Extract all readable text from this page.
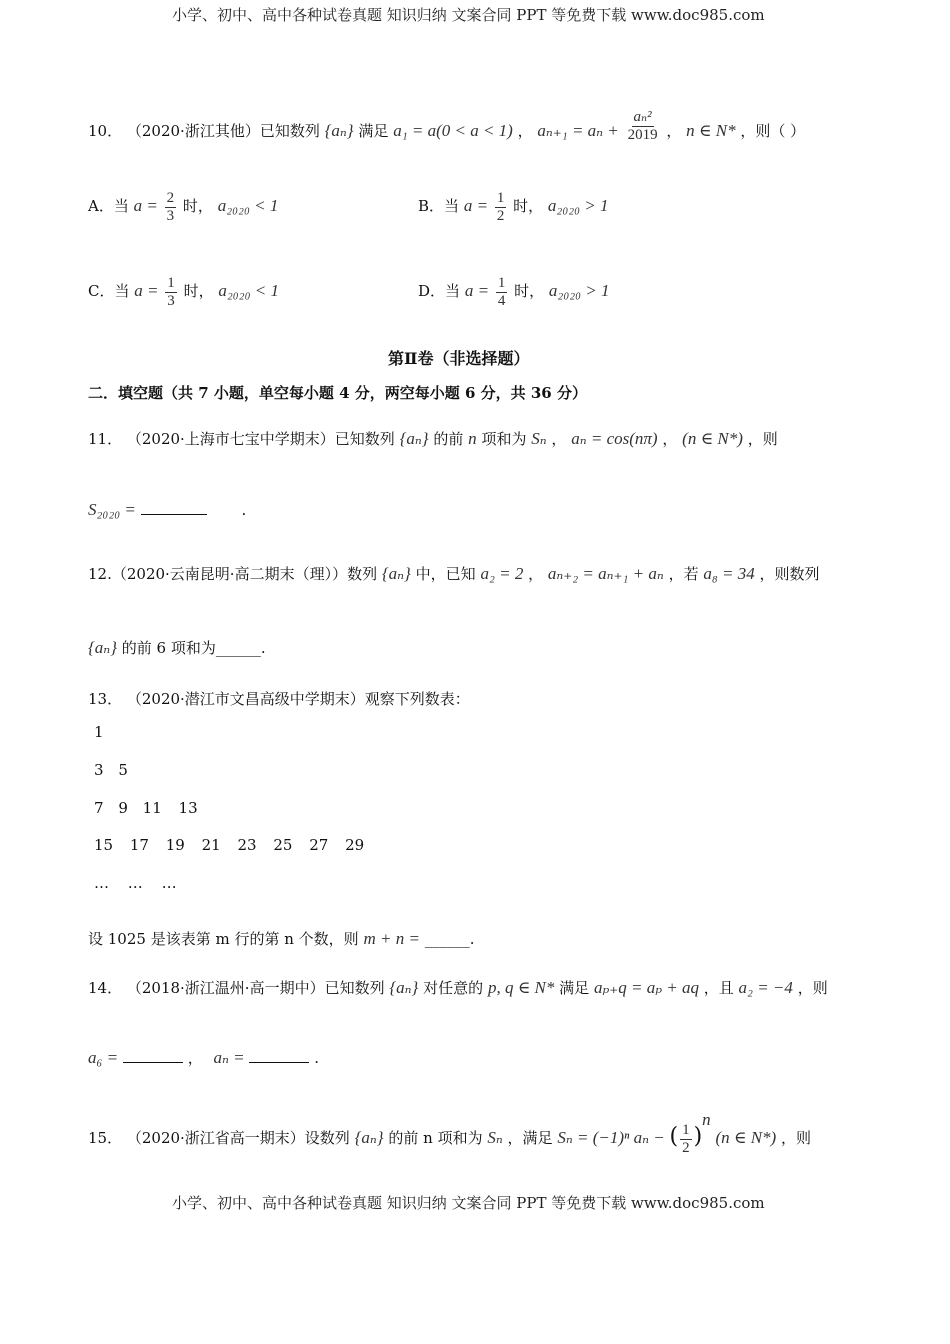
小学、初中、高中各种试卷真题 知识归纳 文案合同 PPT 等免费下载 www.doc985.com
10． （2020·浙江其他）已知数列 {aₙ} 满足 a₁ = a(0 < a < 1) ， $a_{n+1} = a_n + \frac{\text{aₙ²}}{2019}$ ， n ∈ N* ，则（ ）
A．当 $a = \frac{2}{3}$ 时， a₂₀₂₀ < 1	B．当 $a = \frac{1}{2}$ 时， a₂₀₂₀ > 1
C．当 $a = \frac{1}{3}$ 时， a₂₀₂₀ < 1	D．当 $a = \frac{1}{4}$ 时， a₂₀₂₀ > 1
第Ⅱ卷（非选择题）
二．填空题（共 7 小题，单空每小题 4 分，两空每小题 6 分，共 36 分）
11． （2020·上海市七宝中学期末）已知数列 {aₙ} 的前 n 项和为 Sₙ ， aₙ = cos(nπ) ， (n ∈ N*) ，则
S₂₀₂₀ =	.
12.（2020·云南昆明·高二期末（理））数列 {aₙ} 中，已知 a₂ = 2 ， aₙ₊₂ = aₙ₊₁ + aₙ ，若 a₈ = 34 ，则数列
{aₙ} 的前 6 项和为______.
13． （2020·潜江市文昌高级中学期末）观察下列数表：
1
3 5
7 9 11 13
15 17 19 21 23 25 27 29
… … …
设 1025 是该表第 m 行的第 n 个数，则 m + n = ______.
14． （2018·浙江温州·高一期中）已知数列 {aₙ} 对任意的 p, q ∈ N* 满足 aₚ₊q = aₚ + aq ，且 a₂ = −4 ，则
a₆ =	， aₙ =	.
15． （2020·浙江省高一期末）设数列 {aₙ} 的前 n 项和为 Sₙ ，满足 Sₙ = (−1)ⁿ aₙ − ( $\frac{1}{2} )^n$ (n ∈ N*) ，则
小学、初中、高中各种试卷真题 知识归纳 文案合同 PPT 等免费下载 www.doc985.com
